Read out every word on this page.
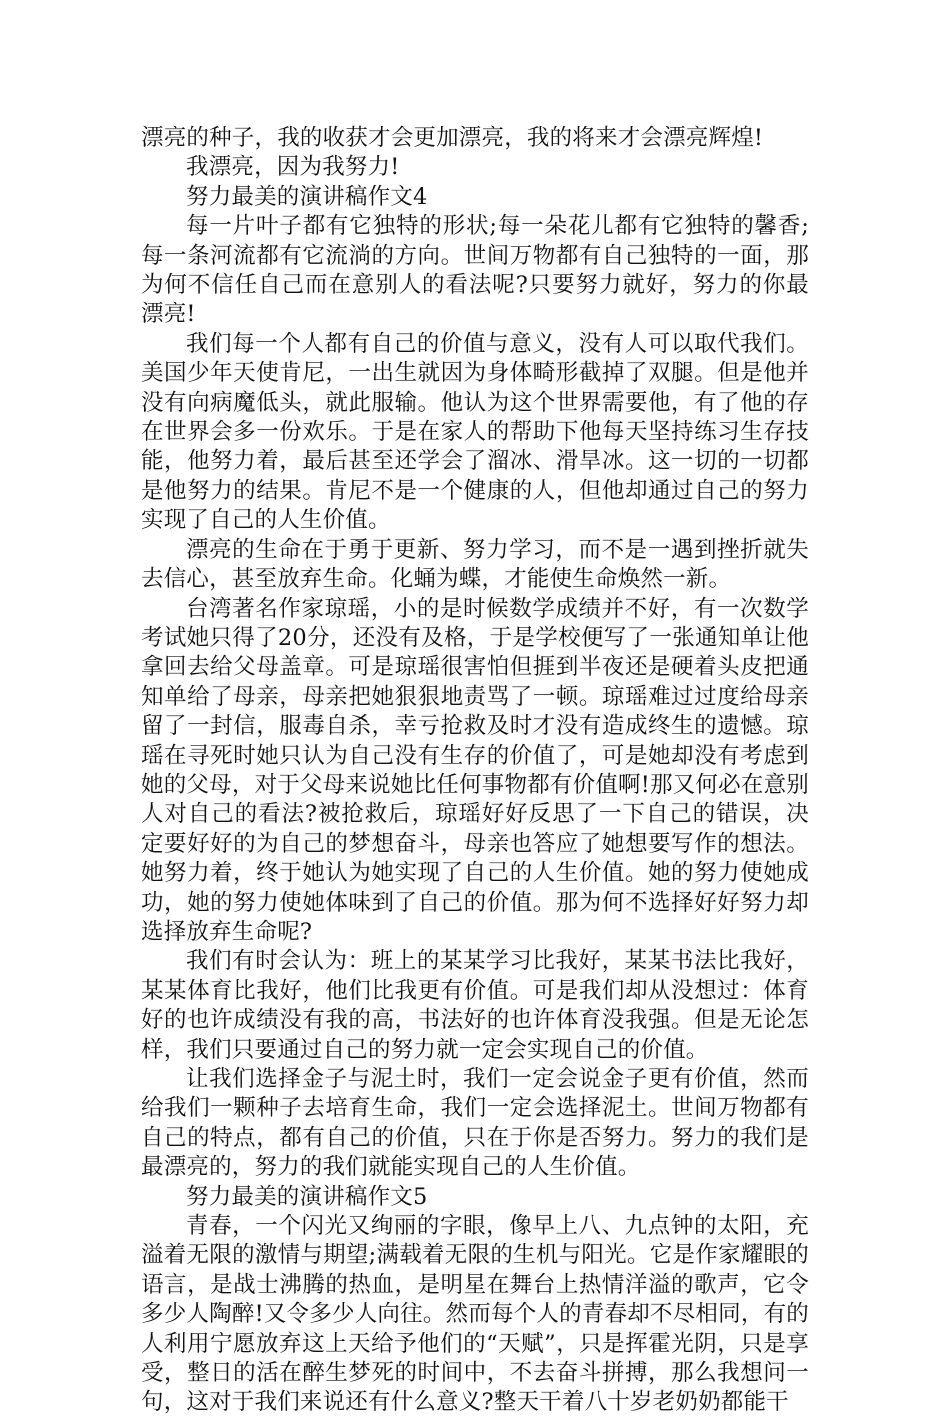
漂亮的种子，我的收获才会更加漂亮，我的将来才会漂亮辉煌!

我漂亮，因为我努力!

努力最美的演讲稿作文4

每一片叶子都有它独特的形状;每一朵花儿都有它独特的馨香;每一条河流都有它流淌的方向。世间万物都有自己独特的一面，那为何不信任自己而在意别人的看法呢?只要努力就好，努力的你最漂亮!

我们每一个人都有自己的价值与意义，没有人可以取代我们。美国少年天使肯尼，一出生就因为身体畸形截掉了双腿。但是他并没有向病魔低头，就此服输。他认为这个世界需要他，有了他的存在世界会多一份欢乐。于是在家人的帮助下他每天坚持练习生存技能，他努力着，最后甚至还学会了溜冰、滑旱冰。这一切的一切都是他努力的结果。肯尼不是一个健康的人，但他却通过自己的努力实现了自己的人生价值。

漂亮的生命在于勇于更新、努力学习，而不是一遇到挫折就失去信心，甚至放弃生命。化蛹为蝶，才能使生命焕然一新。

台湾著名作家琼瑶，小的是时候数学成绩并不好，有一次数学考试她只得了20分，还没有及格，于是学校便写了一张通知单让他拿回去给父母盖章。可是琼瑶很害怕但捱到半夜还是硬着头皮把通知单给了母亲，母亲把她狠狠地责骂了一顿。琼瑶难过过度给母亲留了一封信，服毒自杀，幸亏抢救及时才没有造成终生的遗憾。琼瑶在寻死时她只认为自己没有生存的价值了，可是她却没有考虑到她的父母，对于父母来说她比任何事物都有价值啊!那又何必在意别人对自己的看法?被抢救后，琼瑶好好反思了一下自己的错误，决定要好好的为自己的梦想奋斗，母亲也答应了她想要写作的想法。她努力着，终于她认为她实现了自己的人生价值。她的努力使她成功，她的努力使她体味到了自己的价值。那为何不选择好好努力却选择放弃生命呢?

我们有时会认为：班上的某某学习比我好，某某书法比我好，某某体育比我好，他们比我更有价值。可是我们却从没想过：体育好的也许成绩没有我的高，书法好的也许体育没我强。但是无论怎样，我们只要通过自己的努力就一定会实现自己的价值。

让我们选择金子与泥土时，我们一定会说金子更有价值，然而给我们一颗种子去培育生命，我们一定会选择泥土。世间万物都有自己的特点，都有自己的价值，只在于你是否努力。努力的我们是最漂亮的，努力的我们就能实现自己的人生价值。

努力最美的演讲稿作文5

青春，一个闪光又绚丽的字眼，像早上八、九点钟的太阳，充溢着无限的激情与期望;满载着无限的生机与阳光。它是作家耀眼的语言，是战士沸腾的热血，是明星在舞台上热情洋溢的歌声，它令多少人陶醉!又令多少人向往。然而每个人的青春却不尽相同，有的人利用宁愿放弃这上天给予他们的“天赋”，只是挥霍光阴，只是享受，整日的活在醉生梦死的时间中，不去奋斗拼搏，那么我想问一句，这对于我们来说还有什么意义?整天干着八十岁老奶奶都能干
